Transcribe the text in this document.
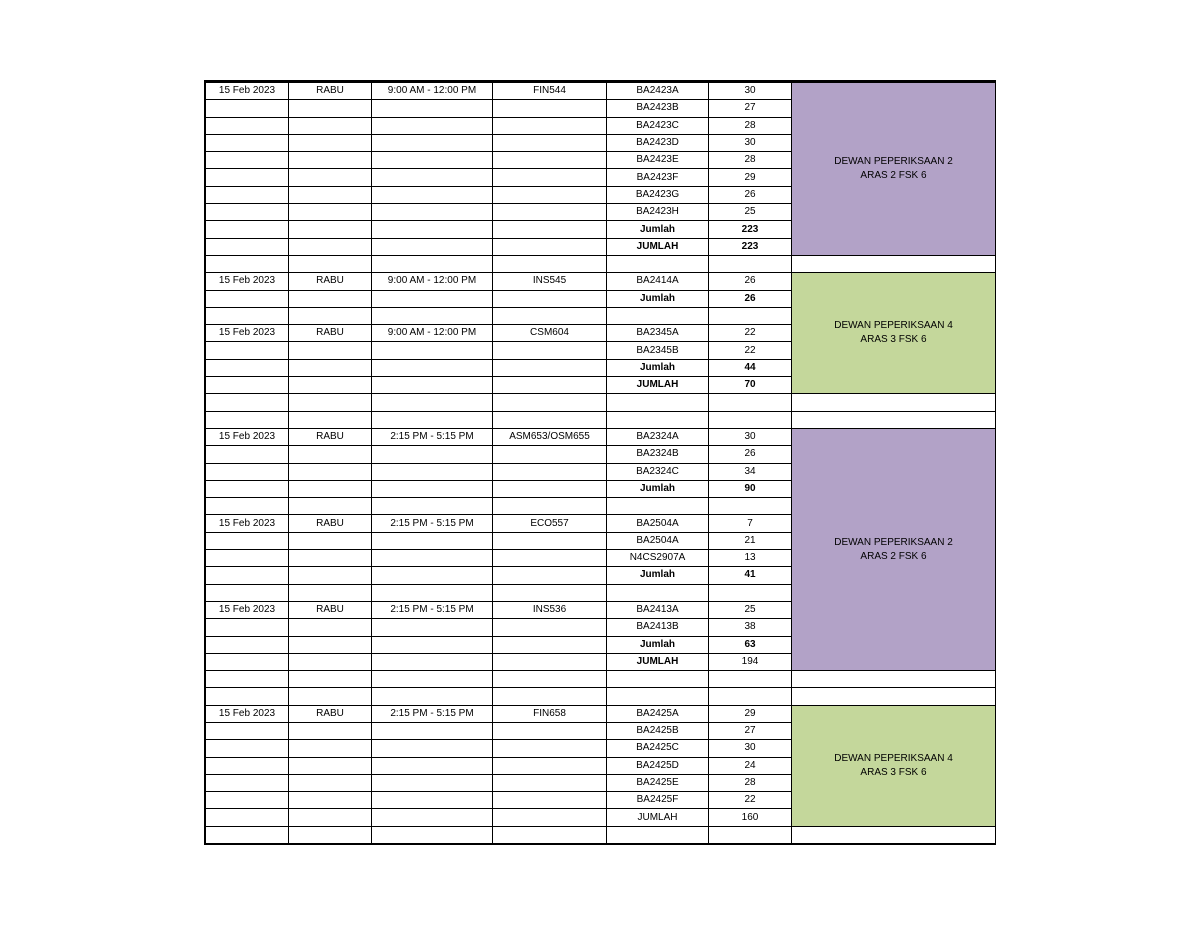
15 Feb 2023	RABU	9:00 AM - 12:00 PM	FIN544	BA2423A	30	DEWAN PEPERIKSAAN 2
ARAS 2 FSK 6

				BA2423B	27	
				BA2423C	28	
				BA2423D	30	
				BA2423E	28	
				BA2423F	29	
				BA2423G	26	
				BA2423H	25	
				Jumlah	223	
				JUMLAH	223	

15 Feb 2023	RABU	9:00 AM - 12:00 PM	INS545	BA2414A	26	DEWAN PEPERIKSAAN 4
ARAS 3 FSK 6

				Jumlah	26	

15 Feb 2023	RABU	9:00 AM - 12:00 PM	CSM604	BA2345A	22	
				BA2345B	22	
				Jumlah	44	
				JUMLAH	70	

15 Feb 2023	RABU	2:15 PM - 5:15 PM	ASM653/OSM655	BA2324A	30	DEWAN PEPERIKSAAN 2
ARAS 2 FSK 6

				BA2324B	26	
				BA2324C	34	
				Jumlah	90	

15 Feb 2023	RABU	2:15 PM - 5:15 PM	ECO557	BA2504A	7	
				BA2504A	21	
				N4CS2907A	13	
				Jumlah	41	

15 Feb 2023	RABU	2:15 PM - 5:15 PM	INS536	BA2413A	25	
				BA2413B	38	
				Jumlah	63	
				JUMLAH	194	

15 Feb 2023	RABU	2:15 PM - 5:15 PM	FIN658	BA2425A	29	DEWAN PEPERIKSAAN 4
ARAS 3 FSK 6

				BA2425B	27	
				BA2425C	30	
				BA2425D	24	
				BA2425E	28	
				BA2425F	22	
				JUMLAH	160	
